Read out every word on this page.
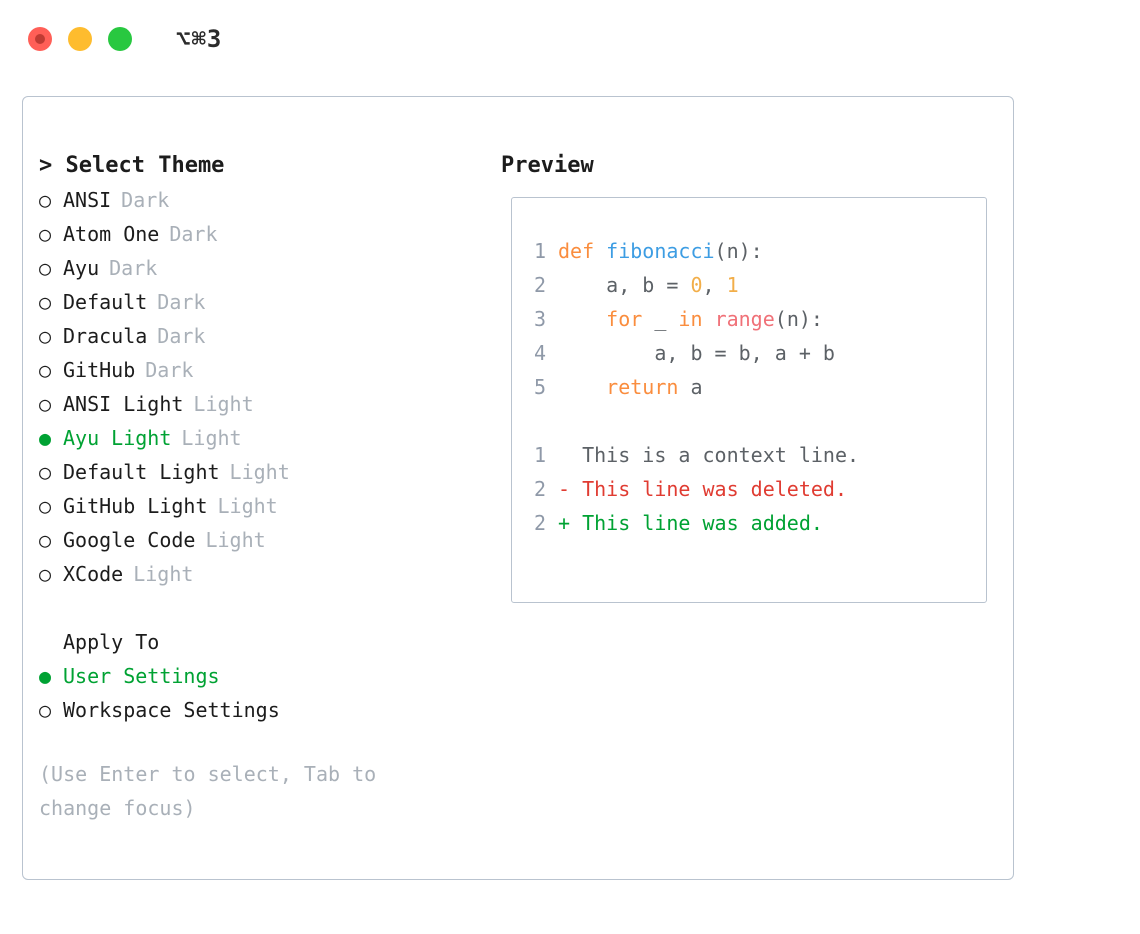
⌥⌘3
> Select Theme
○ ANSI Dark
○ Atom One Dark
○ Ayu Dark
○ Default Dark
○ Dracula Dark
○ GitHub Dark
○ ANSI Light Light
● Ayu Light Light
○ Default Light Light
○ GitHub Light Light
○ Google Code Light
○ XCode Light
Apply To
● User Settings
○ Workspace Settings
(Use Enter to select, Tab to change focus)
Preview
1 def fibonacci(n):
2 a, b = 0, 1
3	for _ in range(n):
4 a, b = b, a + b
5	return a
1
	This is a context line.
2 - This line was deleted.
2 + This line was added.
